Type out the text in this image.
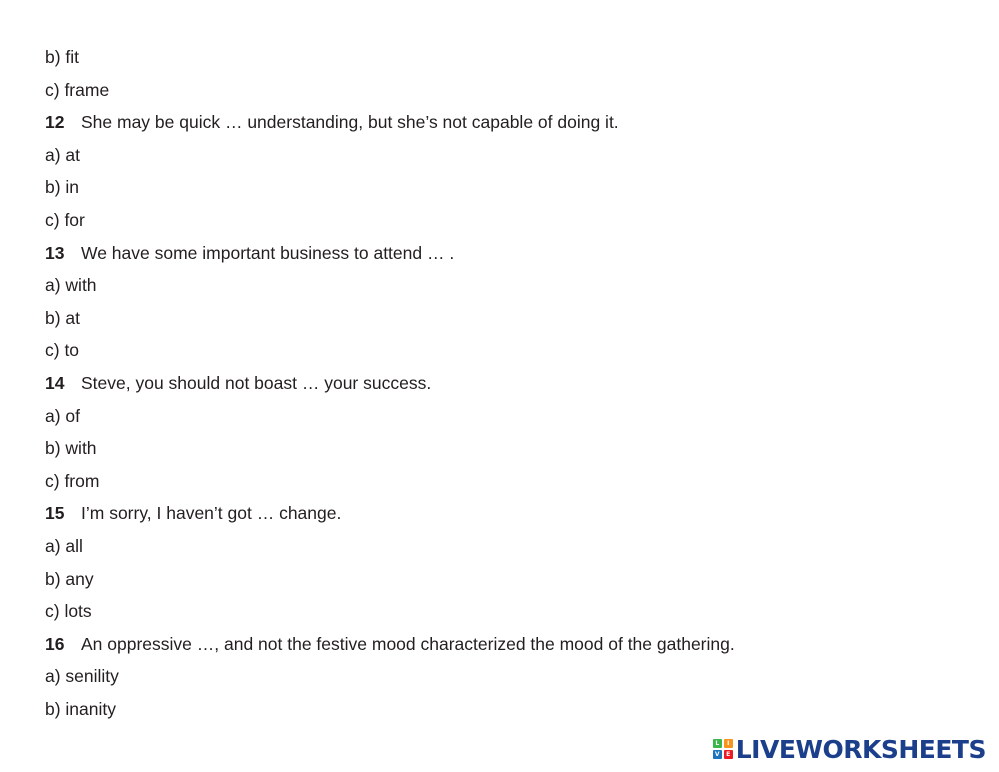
b) fit
c) frame
12 She may be quick … understanding, but she’s not capable of doing it.
a) at
b) in
c) for
13 We have some important business to attend … .
a) with
b) at
c) to
14 Steve, you should not boast … your success.
a) of
b) with
c) from
15 I’m sorry, I haven’t got … change.
a) all
b) any
c) lots
16 An oppressive …, and not the festive mood characterized the mood of the gathering.
a) senility
b) inanity
L	I
V	E LIVEWORKSHEETS
